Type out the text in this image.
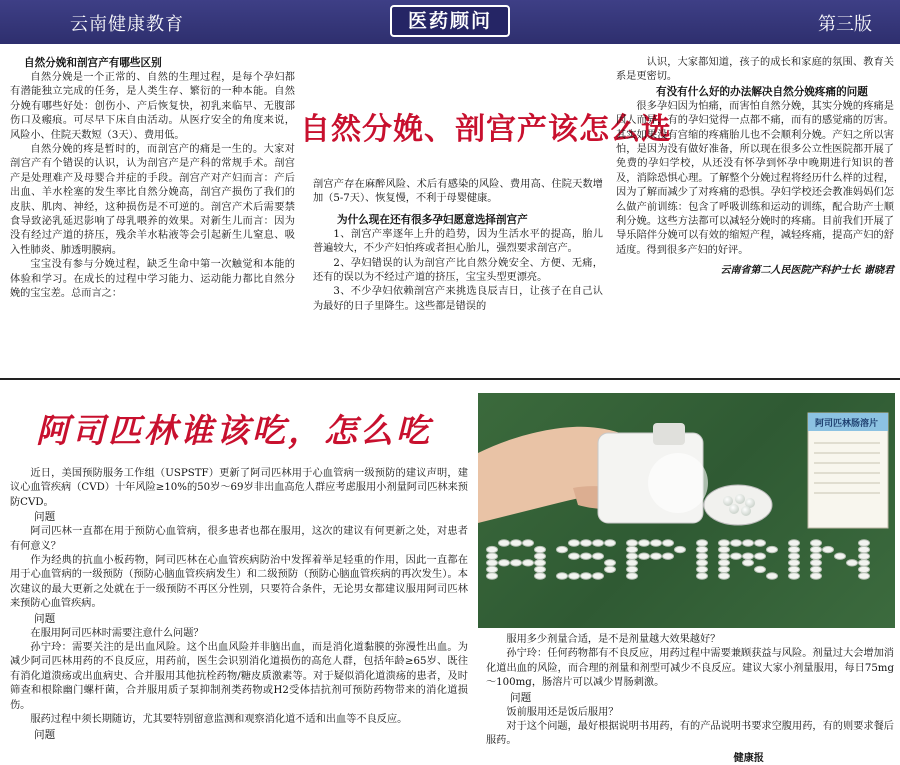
云南健康教育	医药顾问	第三版
自然分娩和剖宫产有哪些区别

自然分娩是一个正常的、自然的生理过程，是每个孕妇都有潜能独立完成的任务，是人类生存、繁衍的一种本能。自然分娩有哪些好处：创伤小、产后恢复快，初乳来临早、无腹部伤口及瘢痕。可尽早下床自由活动。从医疗安全的角度来说，风险小、住院天数短（3天）、费用低。

自然分娩的疼是暂时的，而剖宫产的痛是一生的。大家对剖宫产有个错误的认识，认为剖宫产是产科的常规手术。剖宫产是处理难产及母婴合并症的手段。剖宫产对产妇而言：产后出血、羊水栓塞的发生率比自然分娩高，剖宫产损伤了我们的皮肤、肌肉、神经，这种损伤是不可逆的。剖宫产术后需要禁食导致泌乳延迟影响了母乳喂养的效果。对新生儿而言：因为没有经过产道的挤压，残余羊水粘液等会引起新生儿窒息、吸入性肺炎、肺透明膜病。

宝宝没有参与分娩过程，缺乏生命中第一次触觉和本能的体验和学习。在成长的过程中学习能力、运动能力都比自然分娩的宝宝差。总而言之：

自然分娩、剖宫产该怎么选

剖宫产存在麻醉风险、术后有感染的风险、费用高、住院天数增加（5-7天）、恢复慢，不利于母婴健康。

为什么现在还有很多孕妇愿意选择剖宫产

1、剖宫产率逐年上升的趋势，因为生活水平的提高，胎儿普遍较大，不少产妇怕疼或者担心胎儿，强烈要求剖宫产。

2、孕妇错误的认为剖宫产比自然分娩安全、方便、无痛，还有的误以为不经过产道的挤压，宝宝头型更漂亮。

3、不少孕妇依赖剖宫产来挑选良辰吉日，让孩子在自己认为最好的日子里降生。这些都是错误的

认识，大家都知道，孩子的成长和家庭的氛围、教育关系是更密切。

有没有什么好的办法解决自然分娩疼痛的问题

很多孕妇因为怕痛，而害怕自然分娩，其实分娩的疼痛是因人而异，有的孕妇觉得一点都不痛，而有的感觉痛的厉害。其实如果没有宫缩的疼痛胎儿也不会顺利分娩。产妇之所以害怕，是因为没有做好准备，所以现在很多公立性医院都开展了免费的孕妇学校，从还没有怀孕到怀孕中晚期进行知识的普及，消除恐惧心理。了解整个分娩过程将经历什么样的过程，因为了解而减少了对疼痛的恐惧。孕妇学校还会教准妈妈们怎么做产前训练：包含了呼吸训练和运动的训练，配合助产士顺利分娩。这些方法都可以减轻分娩时的疼痛。目前我们开展了导乐陪伴分娩可以有效的缩短产程，减轻疼痛，提高产妇的舒适度。得到很多产妇的好评。

云南省第二人民医院产科护士长 谢晓君
阿司匹林谁该吃，怎么吃

近日，美国预防服务工作组（USPSTF）更新了阿司匹林用于心血管病一级预防的建议声明，建议心血管疾病（CVD）十年风险≥10%的50岁～69岁非出血高危人群应考虑服用小剂量阿司匹林来预防CVD。

问题

阿司匹林一直都在用于预防心血管病，很多患者也都在服用，这次的建议有何更新之处，对患者有何意义？

作为经典的抗血小板药物，阿司匹林在心血管疾病防治中发挥着举足轻重的作用，因此一直都在用于心血管病的一级预防（预防心脑血管疾病发生）和二级预防（预防心脑血管疾病的再次发生）。本次建议的最大更新之处就在于一级预防不再区分性别，只要符合条件，无论男女都建议服用阿司匹林来预防心血管疾病。

问题

在服用阿司匹林时需要注意什么问题？

孙宁玲：需要关注的是出血风险。这个出血风险并非脑出血，而是消化道黏膜的弥漫性出血。为减少阿司匹林用药的不良反应，用药前，医生会识别消化道损伤的高危人群，包括年龄≥65岁、既往有消化道溃疡或出血病史、合并服用其他抗栓药物/糖皮质激素等。对于疑似消化道溃疡的患者，及时筛查和根除幽门螺杆菌，合并服用质子泵抑制剂类药物或H2受体拮抗剂可预防药物带来的消化道损伤。

服药过程中须长期随访，尤其要特别留意监测和观察消化道不适和出血等不良反应。

问题
阿司匹林肠溶片

服用多少剂量合适，是不是剂量越大效果越好？

孙宁玲：任何药物都有不良反应，用药过程中需要兼顾获益与风险。剂量过大会增加消化道出血的风险，而合理的剂量和剂型可减少不良反应。建议大家小剂量服用，每日75mg～100mg，肠溶片可以减少胃肠刺激。

问题

饭前服用还是饭后服用？

对于这个问题，最好根据说明书用药，有的产品说明书要求空腹用药，有的则要求餐后服药。

健康报
